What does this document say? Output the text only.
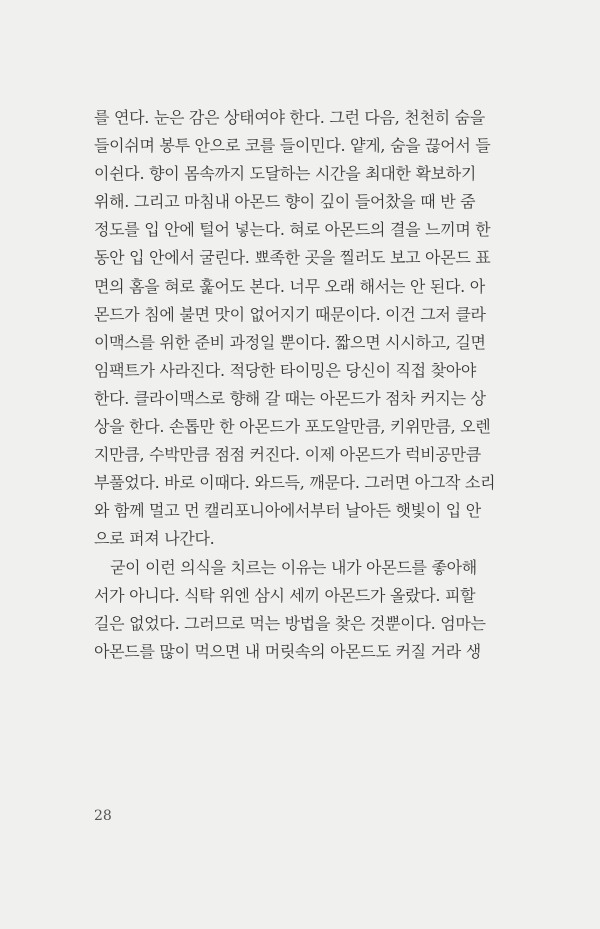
를 연다. 눈은 감은 상태여야 한다. 그런 다음, 천천히 숨을
들이쉬며 봉투 안으로 코를 들이민다. 얕게, 숨을 끊어서 들
이쉰다. 향이 몸속까지 도달하는 시간을 최대한 확보하기
위해. 그리고 마침내 아몬드 향이 깊이 들어찼을 때 반 줌
정도를 입 안에 털어 넣는다. 혀로 아몬드의 결을 느끼며 한
동안 입 안에서 굴린다. 뾰족한 곳을 찔러도 보고 아몬드 표
면의 홈을 혀로 훑어도 본다. 너무 오래 해서는 안 된다. 아
몬드가 침에 불면 맛이 없어지기 때문이다. 이건 그저 클라
이맥스를 위한 준비 과정일 뿐이다. 짧으면 시시하고, 길면
임팩트가 사라진다. 적당한 타이밍은 당신이 직접 찾아야
한다. 클라이맥스로 향해 갈 때는 아몬드가 점차 커지는 상
상을 한다. 손톱만 한 아몬드가 포도알만큼, 키위만큼, 오렌
지만큼, 수박만큼 점점 커진다. 이제 아몬드가 럭비공만큼
부풀었다. 바로 이때다. 와드득, 깨문다. 그러면 아그작 소리
와 함께 멀고 먼 캘리포니아에서부터 날아든 햇빛이 입 안
으로 퍼져 나간다.
굳이 이런 의식을 치르는 이유는 내가 아몬드를 좋아해
서가 아니다. 식탁 위엔 삼시 세끼 아몬드가 올랐다. 피할
길은 없었다. 그러므로 먹는 방법을 찾은 것뿐이다. 엄마는
아몬드를 많이 먹으면 내 머릿속의 아몬드도 커질 거라 생
28
